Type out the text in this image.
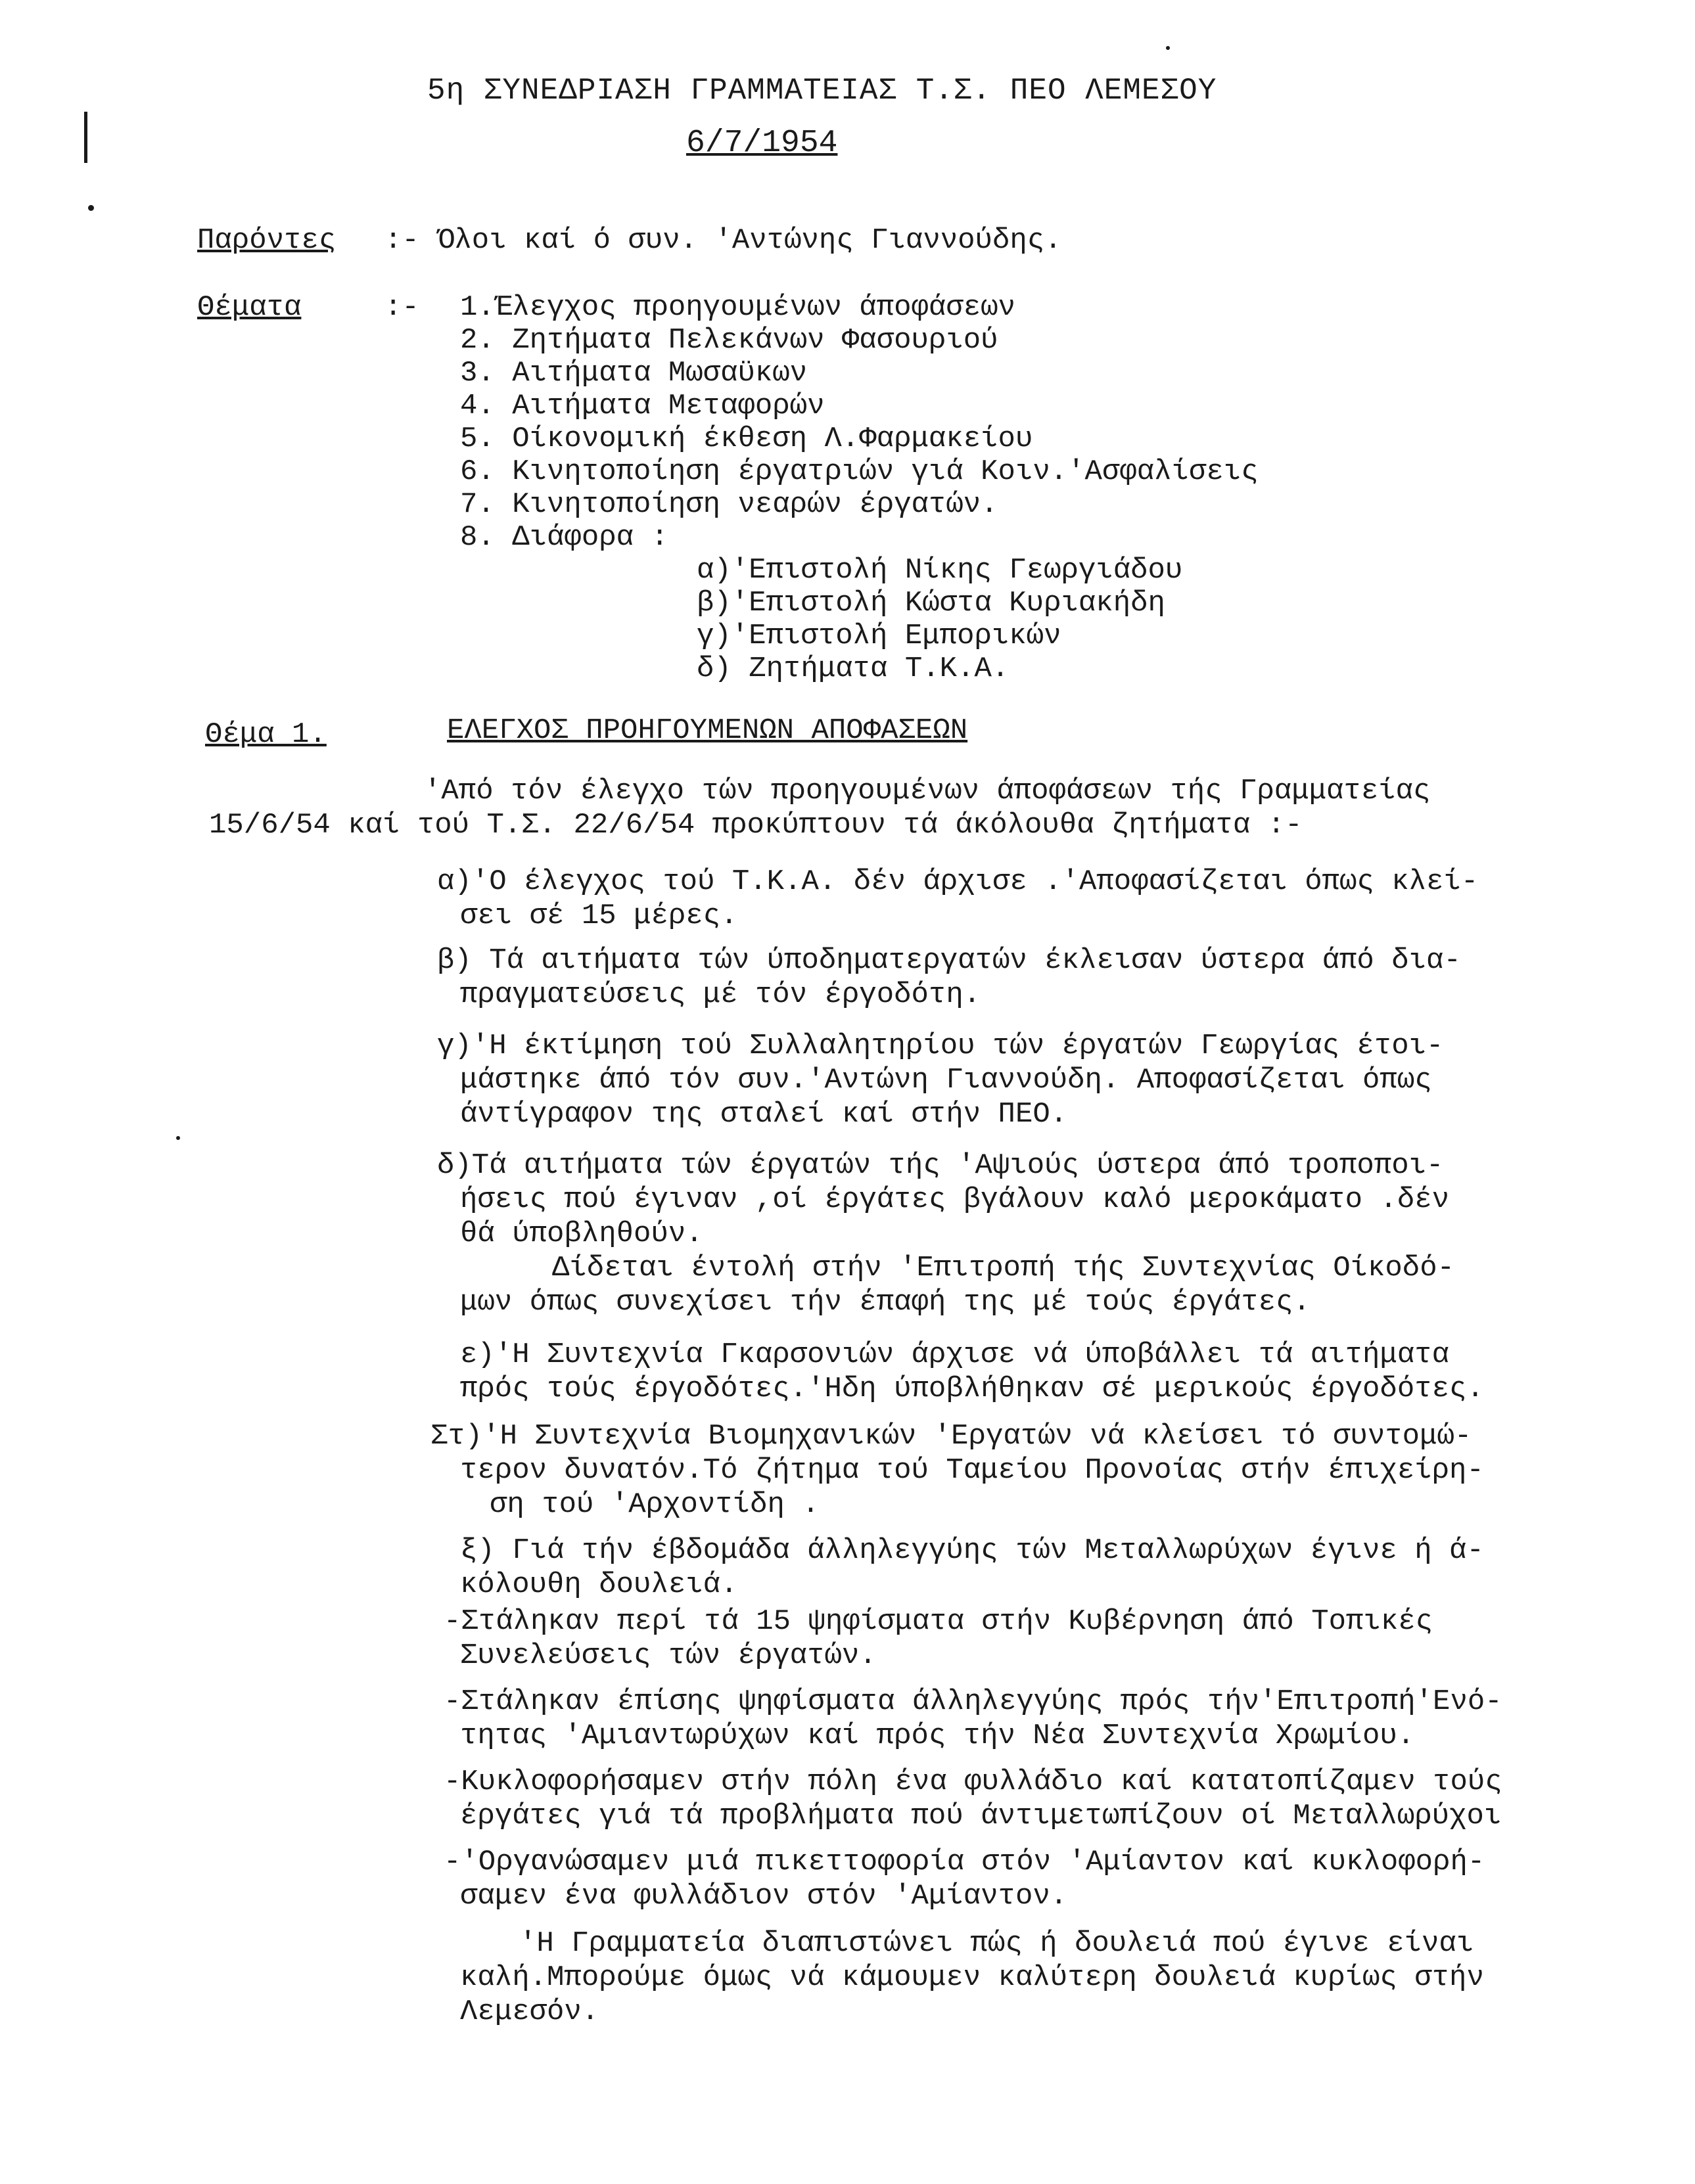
5η ΣΥΝΕΔΡΙΑΣΗ ΓΡΑΜΜΑΤΕΙΑΣ Τ.Σ. ΠΕΟ ΛΕΜΕΣΟΥ
6/7/1954
Παρόντες :- Όλοι καί ό συν. 'Αντώνης Γιαννούδης.
Θέματα	:- 1.Έλεγχος προηγουμένων άποφάσεων
2. Ζητήματα Πελεκάνων Φασουριού
3. Αιτήματα Μωσαϋκων
4. Αιτήματα Μεταφορών
5. Οίκονομική έκθεση Λ.Φαρμακείου
6. Κινητοποίηση έργατριών γιά Κοιν.'Ασφαλίσεις
7. Κινητοποίηση νεαρών έργατών.
8. Διάφορα :
α)'Επιστολή Νίκης Γεωργιάδου
β)'Επιστολή Κώστα Κυριακήδη
γ)'Επιστολή Εμπορικών
δ) Ζητήματα Τ.Κ.Α.
Θέμα 1.	ΕΛΕΓΧΟΣ ΠΡΟΗΓΟΥΜΕΝΩΝ ΑΠΟΦΑΣΕΩΝ
'Από τόν έλεγχο τών προηγουμένων άποφάσεων τής Γραμματείας
15/6/54 καί τού Τ.Σ. 22/6/54 προκύπτουν τά άκόλουθα ζητήματα :-
α)'Ο έλεγχος τού Τ.Κ.Α. δέν άρχισε .'Αποφασίζεται όπως κλεί-
σει σέ 15 μέρες.
β) Τά αιτήματα τών ύποδηματεργατών έκλεισαν ύστερα άπό δια-
πραγματεύσεις μέ τόν έργοδότη.
γ)'Η έκτίμηση τού Συλλαλητηρίου τών έργατών Γεωργίας έτοι-
μάστηκε άπό τόν συν.'Αντώνη Γιαννούδη. Αποφασίζεται όπως
άντίγραφον της σταλεί καί στήν ΠΕΟ.
δ)Τά αιτήματα τών έργατών τής 'Αψιούς ύστερα άπό τροποποι-
ήσεις πού έγιναν ,οί έργάτες βγάλουν καλό μεροκάματο .δέν
θά ύποβληθούν.
Δίδεται έντολή στήν 'Επιτροπή τής Συντεχνίας Οίκοδό-
μων όπως συνεχίσει τήν έπαφή της μέ τούς έργάτες.
ε)'Η Συντεχνία Γκαρσονιών άρχισε νά ύποβάλλει τά αιτήματα
πρός τούς έργοδότες.'Ηδη ύποβλήθηκαν σέ μερικούς έργοδότες.
Στ)'Η Συντεχνία Βιομηχανικών 'Εργατών νά κλείσει τό συντομώ-
τερον δυνατόν.Τό ζήτημα τού Ταμείου Προνοίας στήν έπιχείρη-
ση τού 'Αρχοντίδη .
ξ) Γιά τήν έβδομάδα άλληλεγγύης τών Μεταλλωρύχων έγινε ή ά-
κόλουθη δουλειά.
-Στάληκαν περί τά 15 ψηφίσματα στήν Κυβέρνηση άπό Τοπικές
Συνελεύσεις τών έργατών.
-Στάληκαν έπίσης ψηφίσματα άλληλεγγύης πρός τήν'Επιτροπή'Ενό-
τητας 'Αμιαντωρύχων καί πρός τήν Νέα Συντεχνία Χρωμίου.
-Κυκλοφορήσαμεν στήν πόλη ένα φυλλάδιο καί κατατοπίζαμεν τούς
έργάτες γιά τά προβλήματα πού άντιμετωπίζουν οί Μεταλλωρύχοι
-'Οργανώσαμεν μιά πικεττοφορία στόν 'Αμίαντον καί κυκλοφορή-
σαμεν ένα φυλλάδιον στόν 'Αμίαντον.
'Η Γραμματεία διαπιστώνει πώς ή δουλειά πού έγινε είναι
καλή.Μπορούμε όμως νά κάμουμεν καλύτερη δουλειά κυρίως στήν
Λεμεσόν.
